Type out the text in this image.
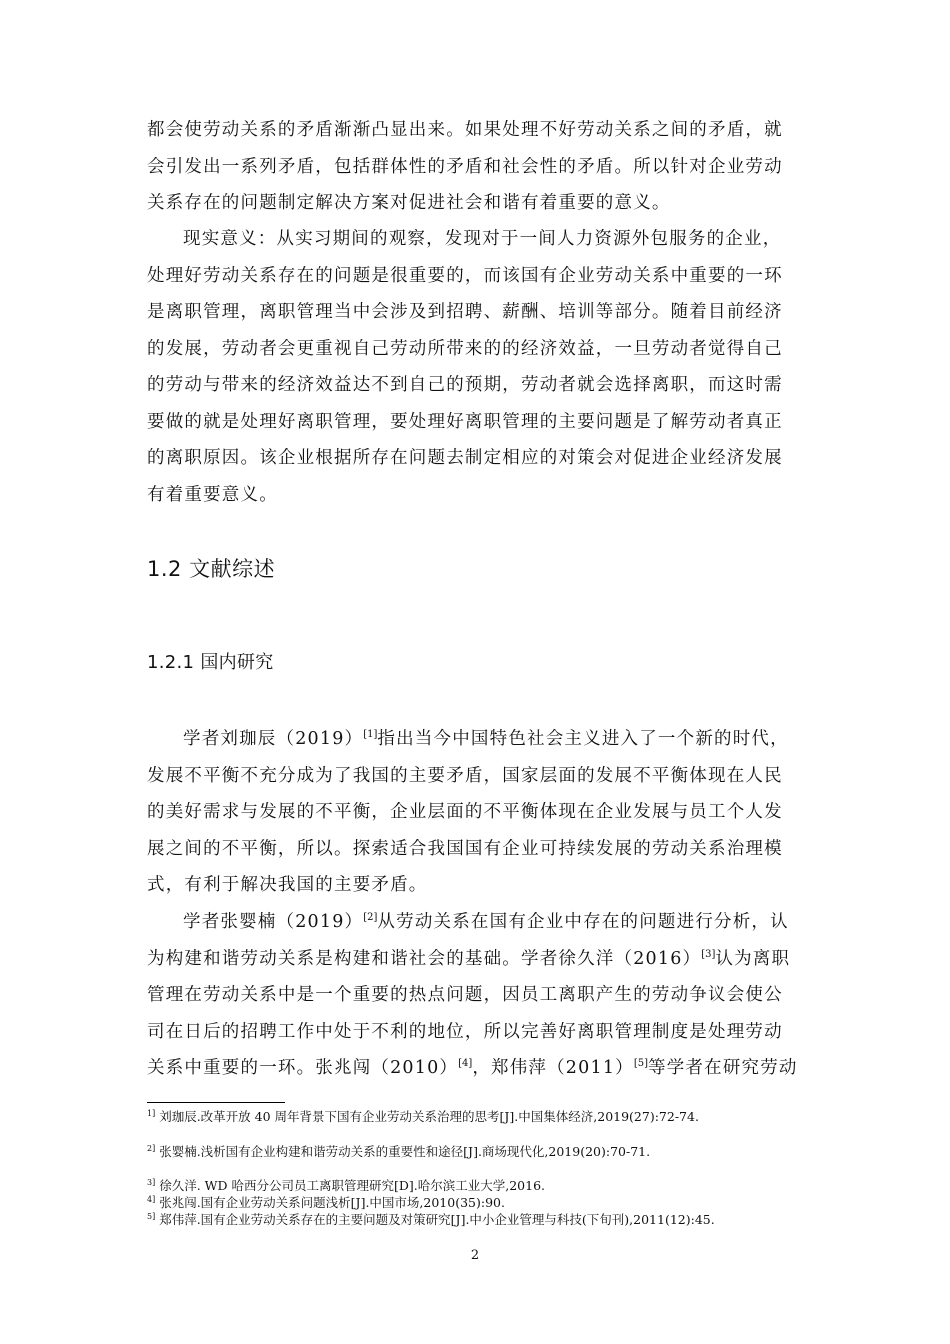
都会使劳动关系的矛盾渐渐凸显出来。如果处理不好劳动关系之间的矛盾，就
会引发出一系列矛盾，包括群体性的矛盾和社会性的矛盾。所以针对企业劳动
关系存在的问题制定解决方案对促进社会和谐有着重要的意义。
现实意义：从实习期间的观察，发现对于一间人力资源外包服务的企业，
处理好劳动关系存在的问题是很重要的，而该国有企业劳动关系中重要的一环
是离职管理，离职管理当中会涉及到招聘、薪酬、培训等部分。随着目前经济
的发展，劳动者会更重视自己劳动所带来的的经济效益，一旦劳动者觉得自己
的劳动与带来的经济效益达不到自己的预期，劳动者就会选择离职，而这时需
要做的就是处理好离职管理，要处理好离职管理的主要问题是了解劳动者真正
的离职原因。该企业根据所存在问题去制定相应的对策会对促进企业经济发展
有着重要意义。
1.2 文献综述
1.2.1 国内研究
学者刘珈辰（2019）[1]指出当今中国特色社会主义进入了一个新的时代，
发展不平衡不充分成为了我国的主要矛盾，国家层面的发展不平衡体现在人民
的美好需求与发展的不平衡，企业层面的不平衡体现在企业发展与员工个人发
展之间的不平衡，所以。探索适合我国国有企业可持续发展的劳动关系治理模
式，有利于解决我国的主要矛盾。
学者张婴楠（2019）[2]从劳动关系在国有企业中存在的问题进行分析，认
为构建和谐劳动关系是构建和谐社会的基础。学者徐久洋（2016）[3]认为离职
管理在劳动关系中是一个重要的热点问题，因员工离职产生的劳动争议会使公
司在日后的招聘工作中处于不利的地位，所以完善好离职管理制度是处理劳动
关系中重要的一环。张兆闯（2010）[4]，郑伟萍（2011）[5]等学者在研究劳动
$^{1]}$ 刘珈辰.改革开放 40 周年背景下国有企业劳动关系治理的思考[J].中国集体经济,2019(27):72-74.
$^{2]}$ 张婴楠.浅析国有企业构建和谐劳动关系的重要性和途径[J].商场现代化,2019(20):70-71.
$^{3]}$ 徐久洋. WD 哈西分公司员工离职管理研究[D].哈尔滨工业大学,2016.
$^{4]}$ 张兆闯.国有企业劳动关系问题浅析[J].中国市场,2010(35):90.
$^{5]}$ 郑伟萍.国有企业劳动关系存在的主要问题及对策研究[J].中小企业管理与科技(下旬刊),2011(12):45.
2
